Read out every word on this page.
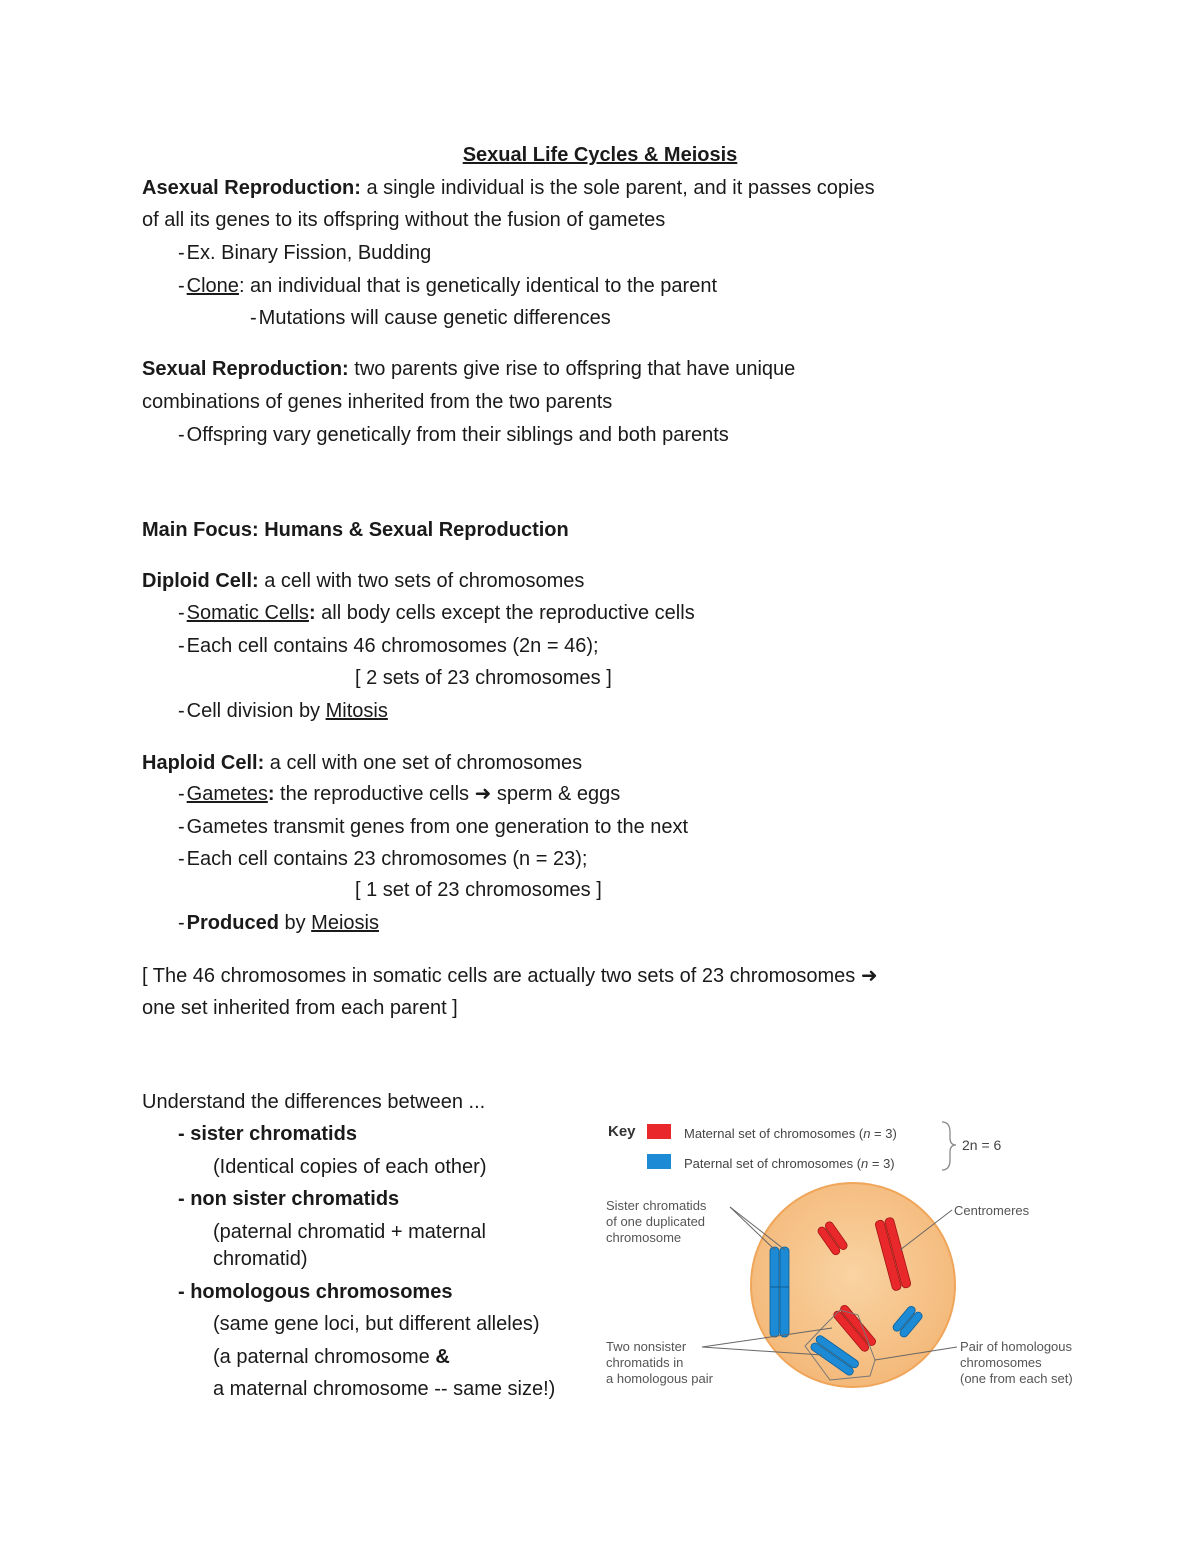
Sexual Life Cycles & Meiosis
Asexual Reproduction: a single individual is the sole parent, and it passes copies
of all its genes to its offspring without the fusion of gametes
- Ex. Binary Fission, Budding
- Clone: an individual that is genetically identical to the parent
- Mutations will cause genetic differences
Sexual Reproduction: two parents give rise to offspring that have unique
combinations of genes inherited from the two parents
- Offspring vary genetically from their siblings and both parents
Main Focus: Humans & Sexual Reproduction
Diploid Cell: a cell with two sets of chromosomes
- Somatic Cells: all body cells except the reproductive cells
- Each cell contains 46 chromosomes (2n = 46);
[ 2 sets of 23 chromosomes ]
- Cell division by Mitosis
Haploid Cell: a cell with one set of chromosomes
- Gametes: the reproductive cells ➜ sperm & eggs
- Gametes transmit genes from one generation to the next
- Each cell contains 23 chromosomes (n = 23);
[ 1 set of 23 chromosomes ]
- Produced by Meiosis
[ The 46 chromosomes in somatic cells are actually two sets of 23 chromosomes ➜
one set inherited from each parent ]
Understand the differences between ...
- sister chromatids
(Identical copies of each other)
- non sister chromatids
(paternal chromatid + maternal
chromatid)
- homologous chromosomes
(same gene loci, but different alleles)
(a paternal chromosome &
a maternal chromosome -- same size!)
Key	Maternal set of chromosomes (n = 3)
Paternal set of chromosomes (n = 3)
2n = 6
Sister chromatids
of one duplicated
chromosome
Centromeres
Two nonsister
chromatids in
a homologous pair
Pair of homologous
chromosomes
(one from each set)
